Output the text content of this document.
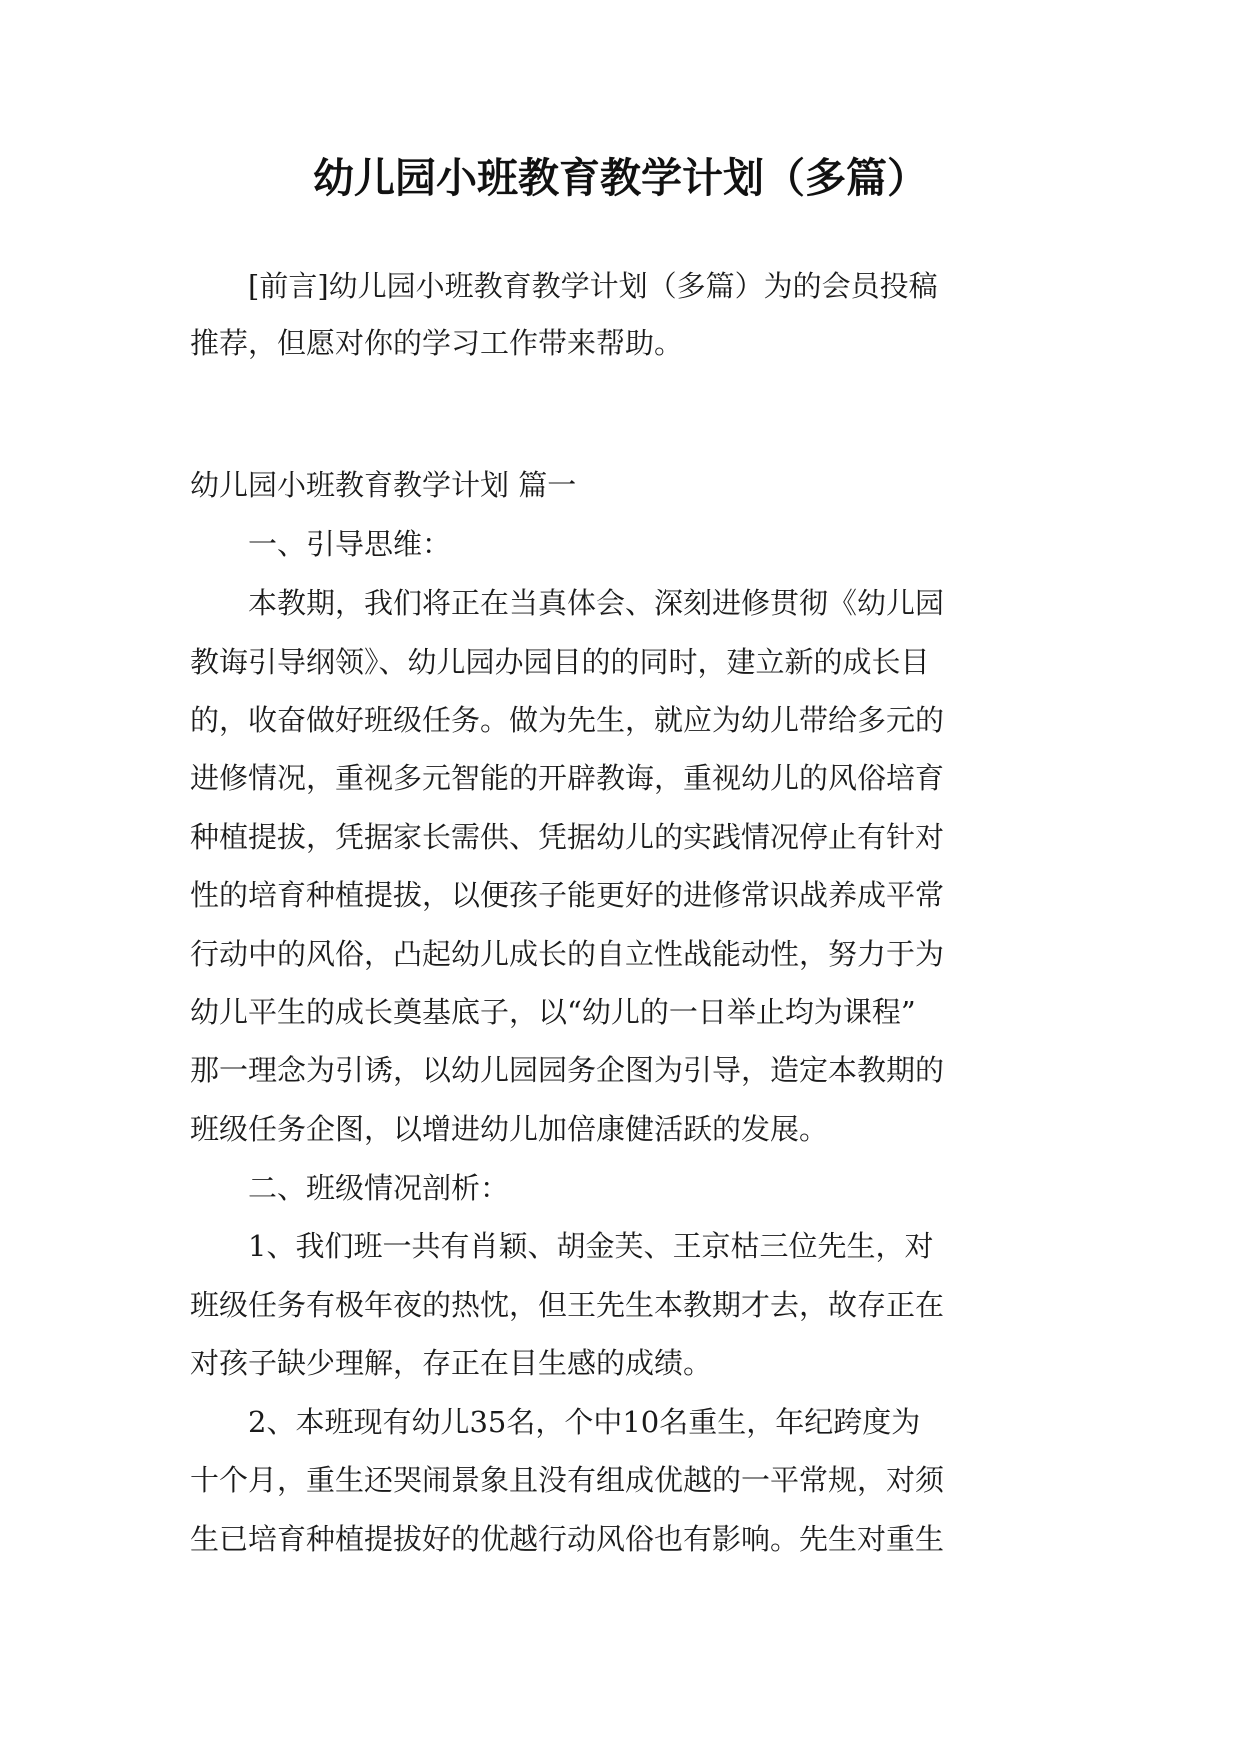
幼儿园小班教育教学计划（多篇）
[前言]幼儿园小班教育教学计划（多篇）为的会员投稿
推荐，但愿对你的学习工作带来帮助。
幼儿园小班教育教学计划 篇一
一、引导思维：
本教期，我们将正在当真体会、深刻进修贯彻《幼儿园
教诲引导纲领》、幼儿园办园目的的同时，建立新的成长目
的，收奋做好班级任务。做为先生，就应为幼儿带给多元的
进修情况，重视多元智能的开辟教诲，重视幼儿的风俗培育
种植提拔，凭据家长需供、凭据幼儿的实践情况停止有针对
性的培育种植提拔，以便孩子能更好的进修常识战养成平常
行动中的风俗，凸起幼儿成长的自立性战能动性，努力于为
幼儿平生的成长奠基底子，以“幼儿的一日举止均为课程”
那一理念为引诱，以幼儿园园务企图为引导，造定本教期的
班级任务企图，以增进幼儿加倍康健活跃的发展。
二、班级情况剖析：
1、我们班一共有肖颖、胡金芙、王京枯三位先生，对
班级任务有极年夜的热忱，但王先生本教期才去，故存正在
对孩子缺少理解，存正在目生感的成绩。
2、本班现有幼儿35名，个中10名重生，年纪跨度为
十个月，重生还哭闹景象且没有组成优越的一平常规，对须
生已培育种植提拔好的优越行动风俗也有影响。先生对重生
